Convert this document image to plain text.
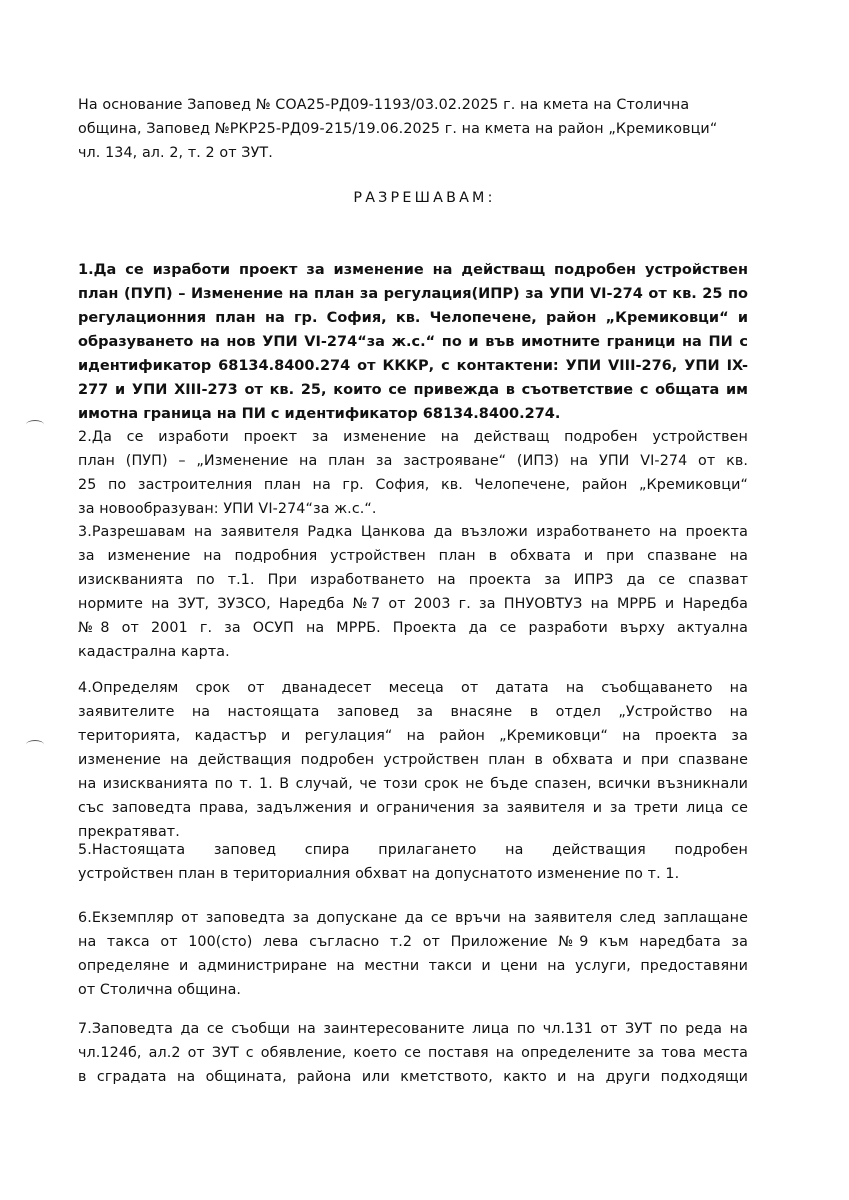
На основание Заповед № СОА25-РД09-1193/03.02.2025 г. на кмета на Столична
община, Заповед №РКР25-РД09-215/19.06.2025 г. на кмета на район „Кремиковци“
чл. 134, ал. 2, т. 2 от ЗУТ.
РАЗРЕШАВАМ:
1.Да се изработи проект за изменение на действащ подробен устройствен
план (ПУП) – Изменение на план за регулация(ИПР) за УПИ VI-274 от кв. 25 по
регулационния план на гр. София, кв. Челопечене, район „Кремиковци“ и
образуването на нов УПИ VI-274“за ж.с.“ по и във имотните граници на ПИ с
идентификатор 68134.8400.274 от КККР, с контактени: УПИ VIII-276, УПИ IX-
277 и УПИ XIII-273 от кв. 25, които се привежда в съответствие с общата им
имотна граница на ПИ с идентификатор 68134.8400.274.
2.Да се изработи проект за изменение на действащ подробен устройствен
план (ПУП) – „Изменение на план за застрояване“ (ИПЗ) на УПИ VI-274 от кв.
25 по застроителния план на гр. София, кв. Челопечене, район „Кремиковци“
за новообразуван: УПИ VI-274“за ж.с.“.
3.Разрешавам на заявителя Радка Цанкова да възложи изработването на проекта
за изменение на подробния устройствен план в обхвата и при спазване на
изискванията по т.1. При изработването на проекта за ИПРЗ да се спазват
нормите на ЗУТ, ЗУЗСО, Наредба №7 от 2003 г. за ПНУОВТУЗ на МРРБ и Наредба
№8 от 2001 г. за ОСУП на МРРБ. Проекта да се разработи върху актуална
кадастрална карта.
4.Определям срок от дванадесет месеца от датата на съобщаването на
заявителите на настоящата заповед за внасяне в отдел „Устройство на
територията, кадастър и регулация“ на район „Кремиковци“ на проекта за
изменение на действащия подробен устройствен план в обхвата и при спазване
на изискванията по т. 1. В случай, че този срок не бъде спазен, всички възникнали
със заповедта права, задължения и ограничения за заявителя и за трети лица се
прекратяват.
5.Настоящата заповед спира прилагането на действащия подробен
устройствен план в териториалния обхват на допуснатото изменение по т. 1.
6.Екземпляр от заповедта за допускане да се връчи на заявителя след заплащане
на такса от 100(сто) лева съгласно т.2 от Приложение №9 към наредбата за
определяне и администриране на местни такси и цени на услуги, предоставяни
от Столична община.
7.Заповедта да се съобщи на заинтересованите лица по чл.131 от ЗУТ по реда на
чл.124б, ал.2 от ЗУТ с обявление, което се поставя на определените за това места
в сградата на общината, района или кметството, както и на други подходящи
